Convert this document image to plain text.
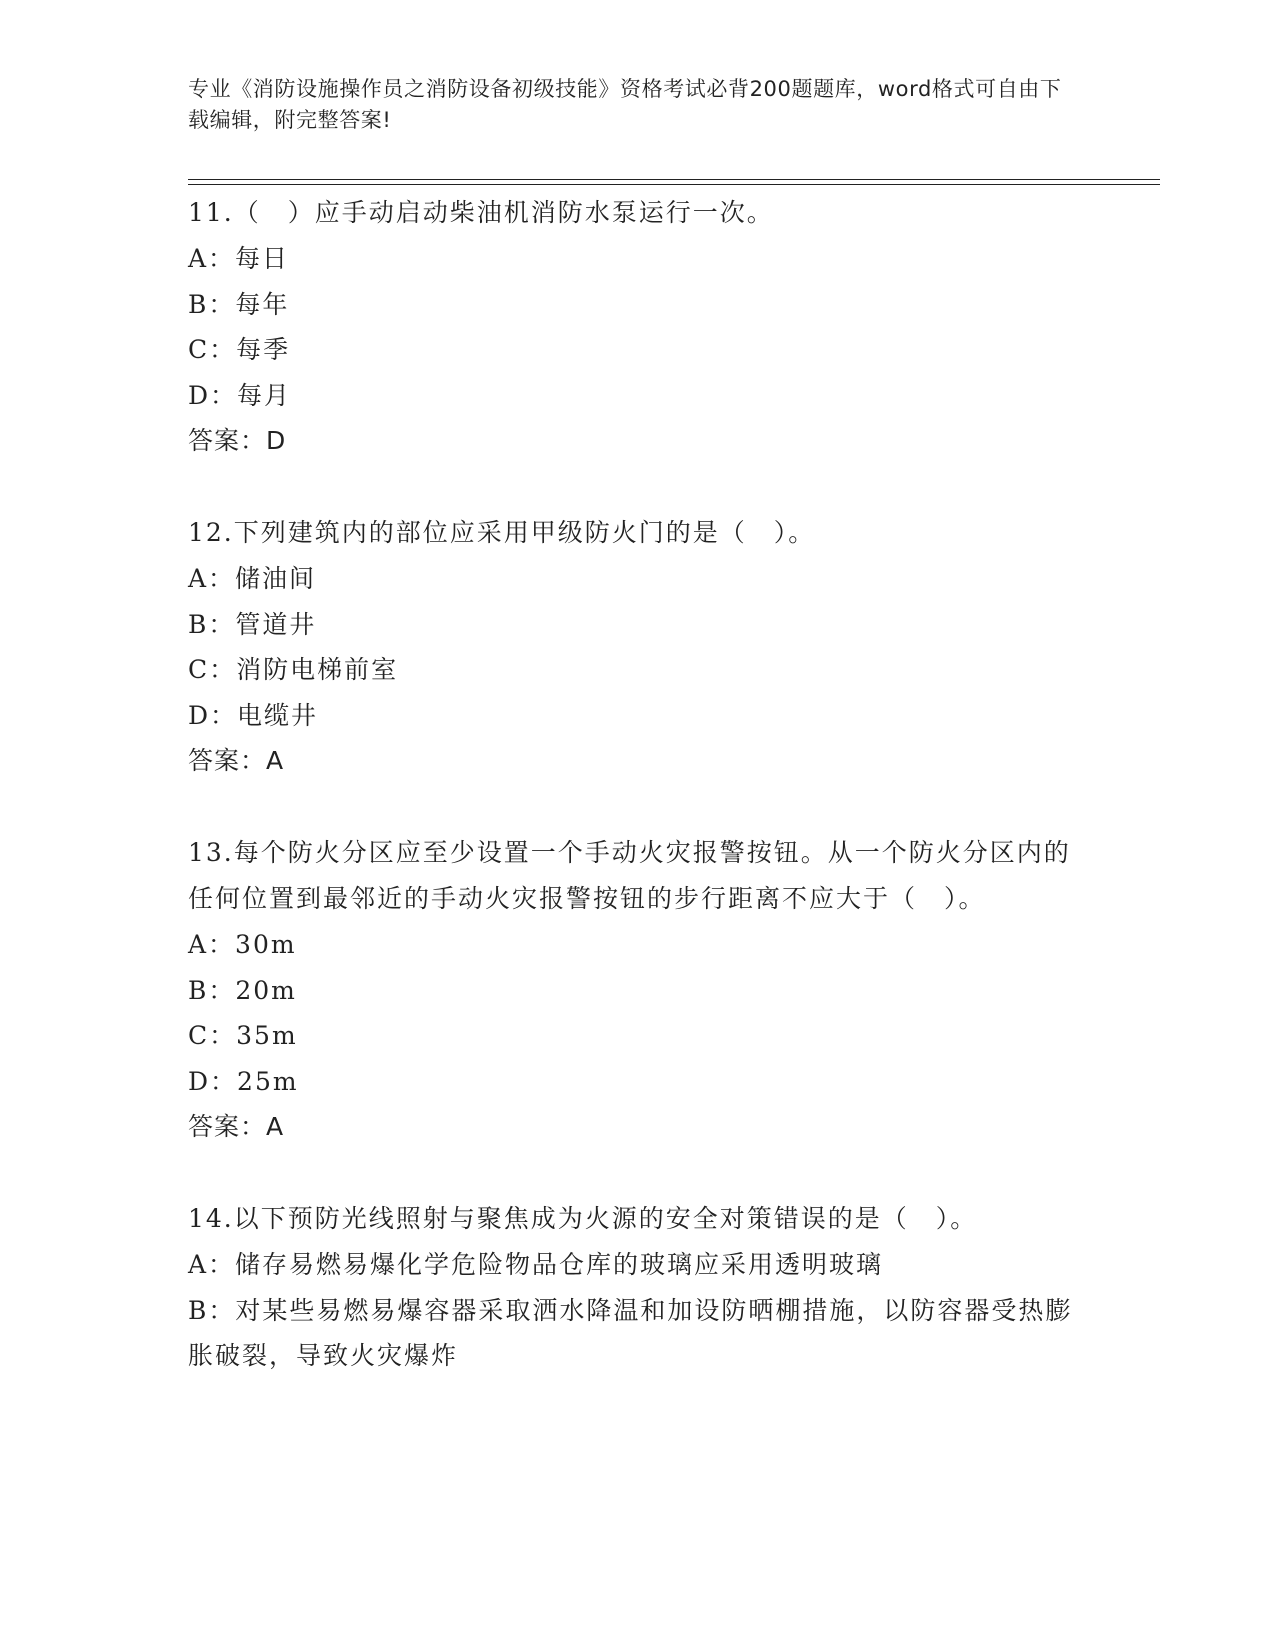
专业《消防设施操作员之消防设备初级技能》资格考试必背200题题库，word格式可自由下载编辑，附完整答案!
11.（　）应手动启动柴油机消防水泵运行一次。
A：每日
B：每年
C：每季
D：每月
答案：D
12.下列建筑内的部位应采用甲级防火门的是（　）。
A：储油间
B：管道井
C：消防电梯前室
D：电缆井
答案：A
13.每个防火分区应至少设置一个手动火灾报警按钮。从一个防火分区内的任何位置到最邻近的手动火灾报警按钮的步行距离不应大于（　）。
A：30m
B：20m
C：35m
D：25m
答案：A
14.以下预防光线照射与聚焦成为火源的安全对策错误的是（　）。
A：储存易燃易爆化学危险物品仓库的玻璃应采用透明玻璃
B：对某些易燃易爆容器采取洒水降温和加设防晒棚措施，以防容器受热膨胀破裂，导致火灾爆炸
